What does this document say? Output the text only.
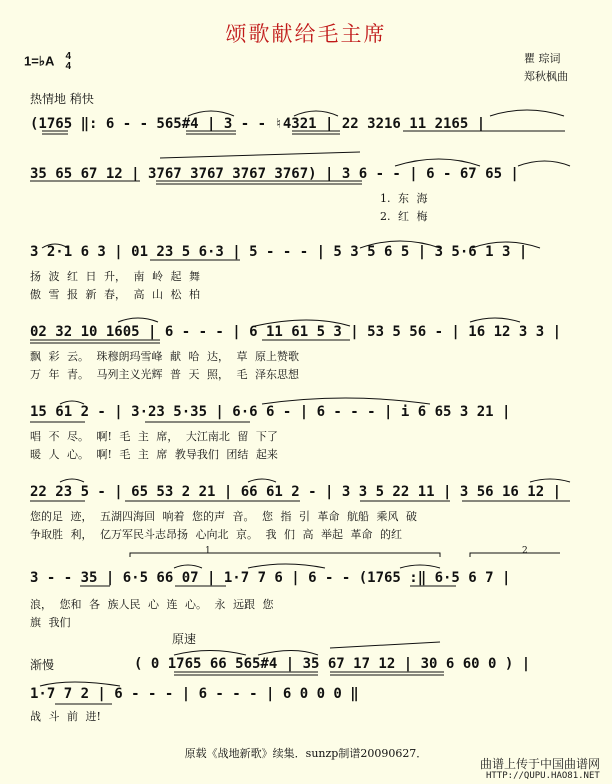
颂歌献给毛主席
1=♭A 4
4
瞿 琮词
郑秋枫曲
热情地 稍快
(1765 ‖: 6 - - 565#4 | 3 - - ♮4321 | 22 3216 11 2165 |
35 65 67 12 | 3767 3767 3767 3767) | 3 6 - - | 6 - 67 65 |
1. 东 海
2. 红 梅
3 2·1 6 3 | 01 23 5 6·3 | 5 - - - | 5 3 5 6 5 | 3 5·6 1 3 |
扬 波 红 日 升， 南 岭 起 舞
傲 雪 报 新 春， 高 山 松 柏
02 32 10 1605 | 6 - - - | 6 11 61 5 3 | 53 5 56 - | 16 12 3 3 |
飘 彩 云。 珠穆朗玛雪峰 献 哈 达， 草 原上赞歌
万 年 青。 马列主义光辉 普 天 照， 毛 泽东思想
15 61 2 - | 3·23 5·35 | 6·6 6 - | 6 - - - | i 6 65 3 21 |
唱 不 尽。 啊! 毛 主 席， 大江南北 留 下了
暖 人 心。 啊! 毛 主 席 教导我们 团结 起来
22 23 5 - | 65 53 2 21 | 66 61 2 - | 3 3 5 22 11 | 3 56 16 12 |
您的足 迹， 五湖四海回 响着 您的声 音。 您 指 引 革命 航船 乘风 破
争取胜 利， 亿万军民斗志昂扬 心向北 京。 我 们 高 举起 革命 的红
1	2
3 - - 35 | 6·5 66 07 | 1·7 7 6 | 6 - - (1765 :‖ 6·5 6 7 |
浪， 您和 各 族人民 心 连 心。 永 远跟 您
旗 我们
原速
渐慢	( 0 1765 66 565#4 | 35 67 17 12 | 30 6 60 0 ) |
1·7 7 2 | 6 - - - | 6 - - - | 6 0 0 0 ‖
战 斗 前 进!
原载《战地新歌》续集．sunzp制谱20090627．
曲谱上传于中国曲谱网
HTTP://QUPU.HAO81.NET
